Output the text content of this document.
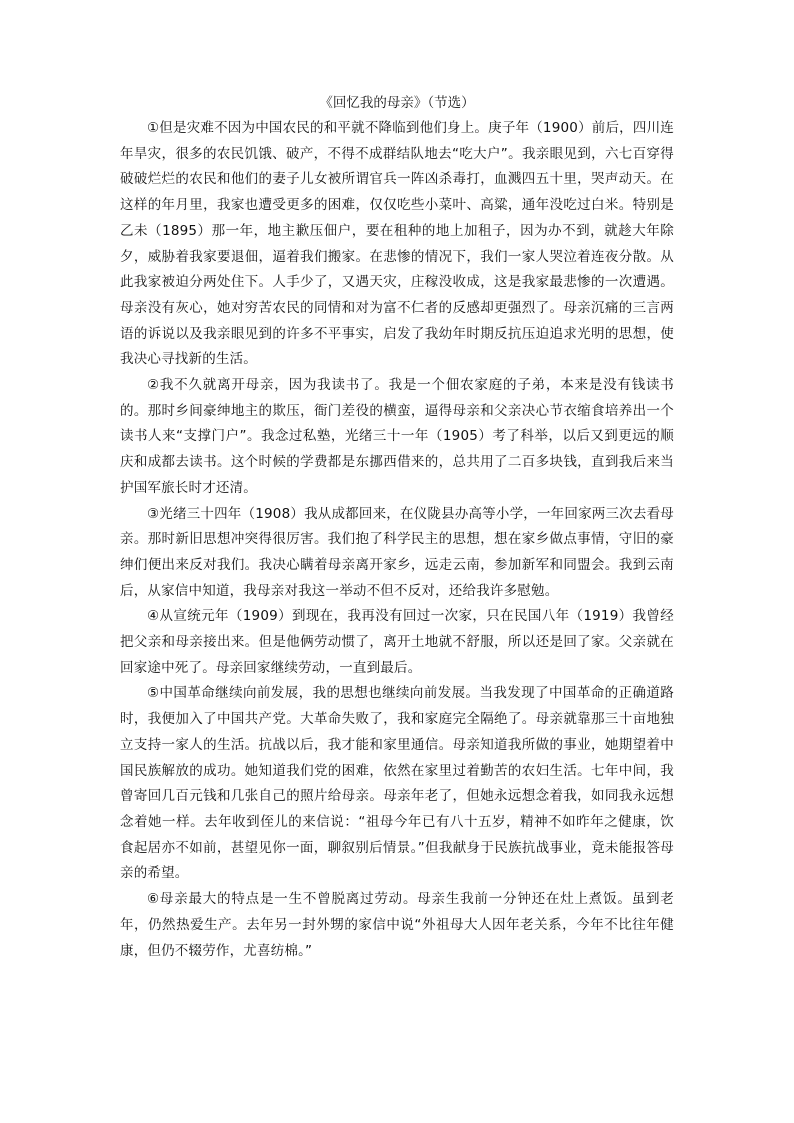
《回忆我的母亲》（节选）

①但是灾难不因为中国农民的和平就不降临到他们身上。庚子年（1900）前后，四川连年旱灾，很多的农民饥饿、破产，不得不成群结队地去“吃大户”。我亲眼见到，六七百穿得破破烂烂的农民和他们的妻子儿女被所谓官兵一阵凶杀毒打，血溅四五十里，哭声动天。在这样的年月里，我家也遭受更多的困难，仅仅吃些小菜叶、高粱，通年没吃过白米。特别是乙未（1895）那一年，地主歉压佃户，要在租种的地上加租子，因为办不到，就趁大年除夕，威胁着我家要退佃，逼着我们搬家。在悲惨的情况下，我们一家人哭泣着连夜分散。从此我家被迫分两处住下。人手少了，又遇天灾，庄稼没收成，这是我家最悲惨的一次遭遇。母亲没有灰心，她对穷苦农民的同情和对为富不仁者的反感却更强烈了。母亲沉痛的三言两语的诉说以及我亲眼见到的许多不平事实，启发了我幼年时期反抗压迫追求光明的思想，使我决心寻找新的生活。

②我不久就离开母亲，因为我读书了。我是一个佃农家庭的子弟，本来是没有钱读书的。那时乡间豪绅地主的欺压，衙门差役的横蛮，逼得母亲和父亲决心节衣缩食培养出一个读书人来“支撑门户”。我念过私塾，光绪三十一年（1905）考了科举，以后又到更远的顺庆和成都去读书。这个时候的学费都是东挪西借来的，总共用了二百多块钱，直到我后来当护国军旅长时才还清。

③光绪三十四年（1908）我从成都回来，在仪陇县办高等小学，一年回家两三次去看母亲。那时新旧思想冲突得很厉害。我们抱了科学民主的思想，想在家乡做点事情，守旧的豪绅们便出来反对我们。我决心瞒着母亲离开家乡，远走云南，参加新军和同盟会。我到云南后，从家信中知道，我母亲对我这一举动不但不反对，还给我许多慰勉。

④从宣统元年（1909）到现在，我再没有回过一次家，只在民国八年（1919）我曾经把父亲和母亲接出来。但是他俩劳动惯了，离开土地就不舒服，所以还是回了家。父亲就在回家途中死了。母亲回家继续劳动，一直到最后。

⑤中国革命继续向前发展，我的思想也继续向前发展。当我发现了中国革命的正确道路时，我便加入了中国共产党。大革命失败了，我和家庭完全隔绝了。母亲就靠那三十亩地独立支持一家人的生活。抗战以后，我才能和家里通信。母亲知道我所做的事业，她期望着中国民族解放的成功。她知道我们党的困难，依然在家里过着勤苦的农妇生活。七年中间，我曾寄回几百元钱和几张自己的照片给母亲。母亲年老了，但她永远想念着我，如同我永远想念着她一样。去年收到侄儿的来信说：“祖母今年已有八十五岁，精神不如昨年之健康，饮食起居亦不如前，甚望见你一面，聊叙别后情景。”但我献身于民族抗战事业，竟未能报答母亲的希望。

⑥母亲最大的特点是一生不曾脱离过劳动。母亲生我前一分钟还在灶上煮饭。虽到老年，仍然热爱生产。去年另一封外甥的家信中说“外祖母大人因年老关系，今年不比往年健康，但仍不辍劳作，尤喜纺棉。”
